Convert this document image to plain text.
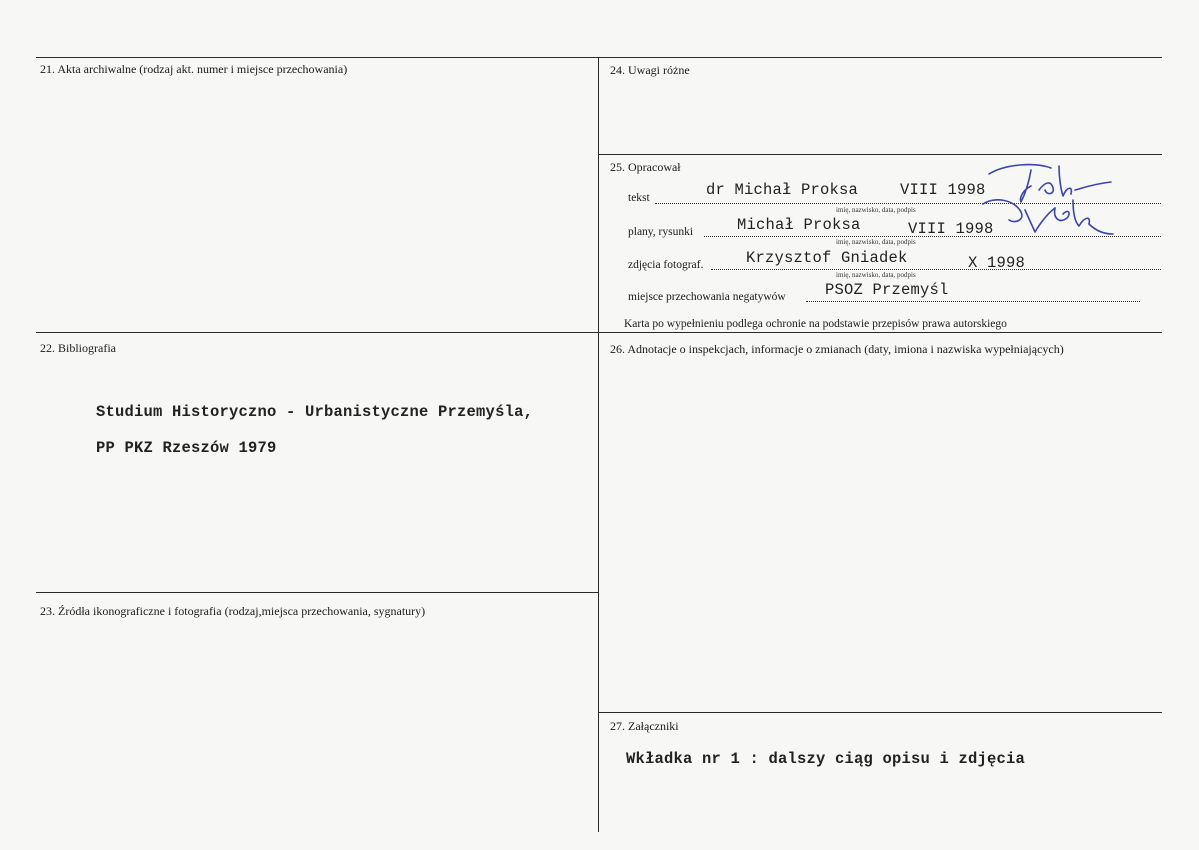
21. Akta archiwalne (rodzaj akt. numer i miejsce przechowania)
22. Bibliografia
Studium Historyczno - Urbanistyczne Przemyśla,
PP PKZ Rzeszów 1979
23. Źródła ikonograficzne i fotografia (rodzaj,miejsca przechowania, sygnatury)
24. Uwagi różne
25. Opracował
tekst	dr Michał Proksa	VIII 1998
imię, nazwisko, data, podpis
plany, rysunki	Michał Proksa	VIII 1998
imię, nazwisko, data, podpis
zdjęcia fotograf.	Krzysztof Gniadek	X 1998
imię, nazwisko, data, podpis
miejsce przechowania negatywów	PSOZ Przemyśl
Karta po wypełnieniu podlega ochronie na podstawie przepisów prawa autorskiego
26. Adnotacje o inspekcjach, informacje o zmianach (daty, imiona i nazwiska wypełniających)
27. Załączniki
Wkładka nr 1 : dalszy ciąg opisu i zdjęcia
